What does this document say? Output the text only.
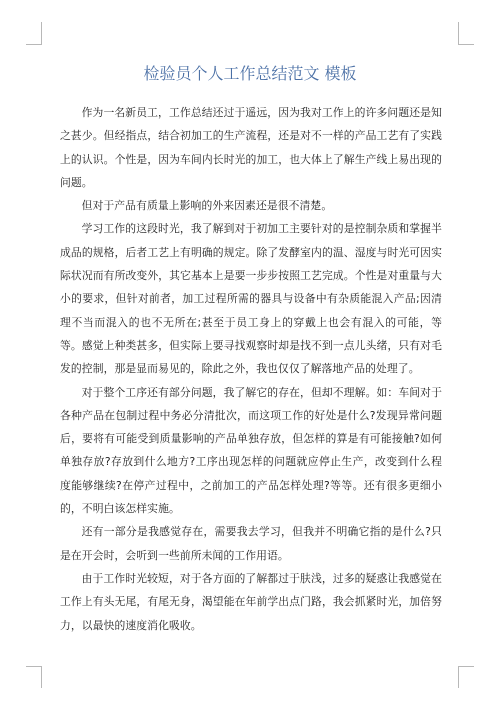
检验员个人工作总结范文 模板

作为一名新员工，工作总结还过于遥远，因为我对工作上的许多问题还是知之甚少。但经指点，结合初加工的生产流程，还是对不一样的产品工艺有了实践上的认识。个性是，因为车间内长时光的加工，也大体上了解生产线上易出现的问题。

但对于产品有质量上影响的外来因素还是很不清楚。

学习工作的这段时光，我了解到对于初加工主要针对的是控制杂质和掌握半成品的规格，后者工艺上有明确的规定。除了发酵室内的温、湿度与时光可因实际状况而有所改变外，其它基本上是要一步步按照工艺完成。个性是对重量与大小的要求，但针对前者，加工过程所需的器具与设备中有杂质能混入产品;因清理不当而混入的也不无所在;甚至于员工身上的穿戴上也会有混入的可能，等等。感觉上种类甚多，但实际上要寻找观察时却是找不到一点儿头绪，只有对毛发的控制，那是显而易见的，除此之外，我也仅仅了解落地产品的处理了。

对于整个工序还有部分问题，我了解它的存在，但却不理解。如：车间对于各种产品在包制过程中务必分清批次，而这项工作的好处是什么?发现异常问题后，要将有可能受到质量影响的产品单独存放，但怎样的算是有可能接触?如何单独存放?存放到什么地方?工序出现怎样的问题就应停止生产，改变到什么程度能够继续?在停产过程中，之前加工的产品怎样处理?等等。还有很多更细小的，不明白该怎样实施。

还有一部分是我感觉存在，需要我去学习，但我并不明确它指的是什么?只是在开会时，会听到一些前所未闻的工作用语。

由于工作时光较短，对于各方面的了解都过于肤浅，过多的疑惑让我感觉在工作上有头无尾，有尾无身，渴望能在年前学出点门路，我会抓紧时光，加倍努力，以最快的速度消化吸收。
